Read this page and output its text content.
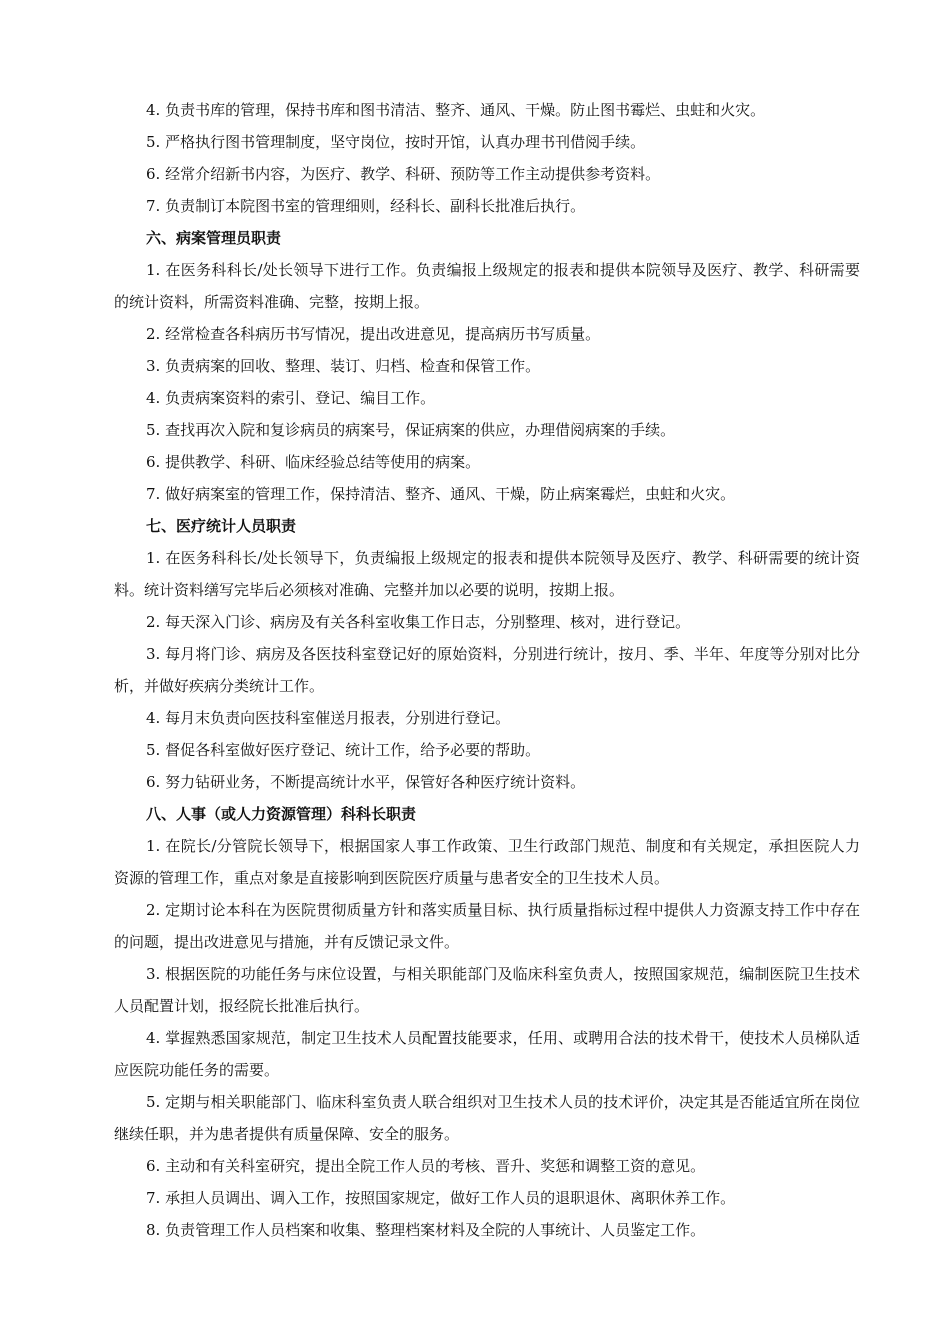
4. 负责书库的管理，保持书库和图书清洁、整齐、通风、干燥。防止图书霉烂、虫蛀和火灾。

5. 严格执行图书管理制度，坚守岗位，按时开馆，认真办理书刊借阅手续。

6. 经常介绍新书内容，为医疗、教学、科研、预防等工作主动提供参考资料。

7. 负责制订本院图书室的管理细则，经科长、副科长批准后执行。

六、病案管理员职责

1. 在医务科科长/处长领导下进行工作。负责编报上级规定的报表和提供本院领导及医疗、教学、科研需要的统计资料，所需资料准确、完整，按期上报。

2. 经常检查各科病历书写情况，提出改进意见，提高病历书写质量。

3. 负责病案的回收、整理、装订、归档、检查和保管工作。

4. 负责病案资料的索引、登记、编目工作。

5. 查找再次入院和复诊病员的病案号，保证病案的供应，办理借阅病案的手续。

6. 提供教学、科研、临床经验总结等使用的病案。

7. 做好病案室的管理工作，保持清洁、整齐、通风、干燥，防止病案霉烂，虫蛀和火灾。

七、医疗统计人员职责

1. 在医务科科长/处长领导下，负责编报上级规定的报表和提供本院领导及医疗、教学、科研需要的统计资料。统计资料缮写完毕后必须核对准确、完整并加以必要的说明，按期上报。

2. 每天深入门诊、病房及有关各科室收集工作日志，分别整理、核对，进行登记。

3. 每月将门诊、病房及各医技科室登记好的原始资料，分别进行统计，按月、季、半年、年度等分别对比分析，并做好疾病分类统计工作。

4. 每月末负责向医技科室催送月报表，分别进行登记。

5. 督促各科室做好医疗登记、统计工作，给予必要的帮助。

6. 努力钻研业务，不断提高统计水平，保管好各种医疗统计资料。

八、人事（或人力资源管理）科科长职责

1. 在院长/分管院长领导下，根据国家人事工作政策、卫生行政部门规范、制度和有关规定，承担医院人力资源的管理工作，重点对象是直接影响到医院医疗质量与患者安全的卫生技术人员。

2. 定期讨论本科在为医院贯彻质量方针和落实质量目标、执行质量指标过程中提供人力资源支持工作中存在的问题，提出改进意见与措施，并有反馈记录文件。

3. 根据医院的功能任务与床位设置，与相关职能部门及临床科室负责人，按照国家规范，编制医院卫生技术人员配置计划，报经院长批准后执行。

4. 掌握熟悉国家规范，制定卫生技术人员配置技能要求，任用、或聘用合法的技术骨干，使技术人员梯队适应医院功能任务的需要。

5. 定期与相关职能部门、临床科室负责人联合组织对卫生技术人员的技术评价，决定其是否能适宜所在岗位继续任职，并为患者提供有质量保障、安全的服务。

6. 主动和有关科室研究，提出全院工作人员的考核、晋升、奖惩和调整工资的意见。

7. 承担人员调出、调入工作，按照国家规定，做好工作人员的退职退休、离职休养工作。

8. 负责管理工作人员档案和收集、整理档案材料及全院的人事统计、人员鉴定工作。
